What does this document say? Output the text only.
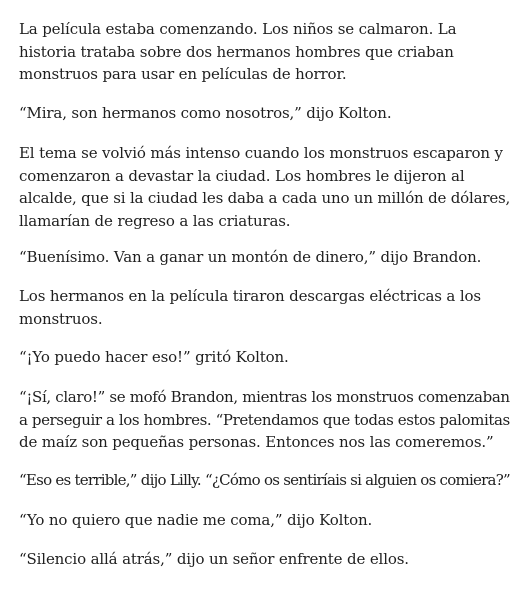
La película estaba comenzando. Los niños se calmaron. La
historia trataba sobre dos hermanos hombres que criaban
monstruos para usar en películas de horror.

“Mira, son hermanos como nosotros,” dijo Kolton.

El tema se volvió más intenso cuando los monstruos escaparon y
comenzaron a devastar la ciudad. Los hombres le dijeron al
alcalde, que si la ciudad les daba a cada uno un millón de dólares,
llamarían de regreso a las criaturas.

“Buenísimo. Van a ganar un montón de dinero,” dijo Brandon.

Los hermanos en la película tiraron descargas eléctricas a los
monstruos.

“¡Yo puedo hacer eso!” gritó Kolton.

“¡Sí, claro!” se mofó Brandon, mientras los monstruos comenzaban
a perseguir a los hombres. “Pretendamos que todas estos palomitas
de maíz son pequeñas personas. Entonces nos las comeremos.”

“Eso es terrible,” dijo Lilly. “¿Cómo os sentiríais si alguien os comiera?”

“Yo no quiero que nadie me coma,” dijo Kolton.

“Silencio allá atrás,” dijo un señor enfrente de ellos.
